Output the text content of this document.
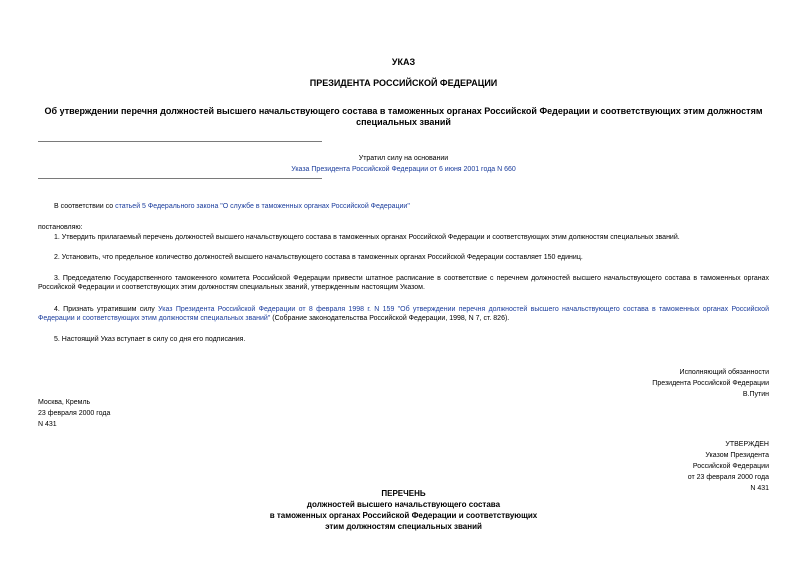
УКАЗ
ПРЕЗИДЕНТА РОССИЙСКОЙ ФЕДЕРАЦИИ
Об утверждении перечня должностей высшего начальствующего состава в таможенных органах Российской Федерации и соответствующих этим должностям специальных званий
Утратил силу на основании
Указа Президента Российской Федерации от 6 июня 2001 года N 660
В соответствии со статьей 5 Федерального закона "О службе в таможенных органах Российской Федерации"
постановляю:
1. Утвердить прилагаемый перечень должностей высшего начальствующего состава в таможенных органах Российской Федерации и соответствующих этим должностям специальных званий.
2. Установить, что предельное количество должностей высшего начальствующего состава в таможенных органах Российской Федерации составляет 150 единиц.
3. Председателю Государственного таможенного комитета Российской Федерации привести штатное расписание в соответствие с перечнем должностей высшего начальствующего состава в таможенных органах Российской Федерации и соответствующих этим должностям специальных званий, утвержденным настоящим Указом.
4. Признать утратившим силу Указ Президента Российской Федерации от 8 февраля 1998 г. N 159 "Об утверждении перечня должностей высшего начальствующего состава в таможенных органах Российской Федерации и соответствующих этим должностям специальных званий" (Собрание законодательства Российской Федерации, 1998, N 7, ст. 826).
5. Настоящий Указ вступает в силу со дня его подписания.
Исполняющий обязанности
Президента Российской Федерации
В.Путин
Москва, Кремль
23 февраля 2000 года
N 431
УТВЕРЖДЕН
Указом Президента
Российской Федерации
от 23 февраля 2000 года
N 431
ПЕРЕЧЕНЬ
должностей высшего начальствующего состава
в таможенных органах Российской Федерации и соответствующих
этим должностям специальных званий
